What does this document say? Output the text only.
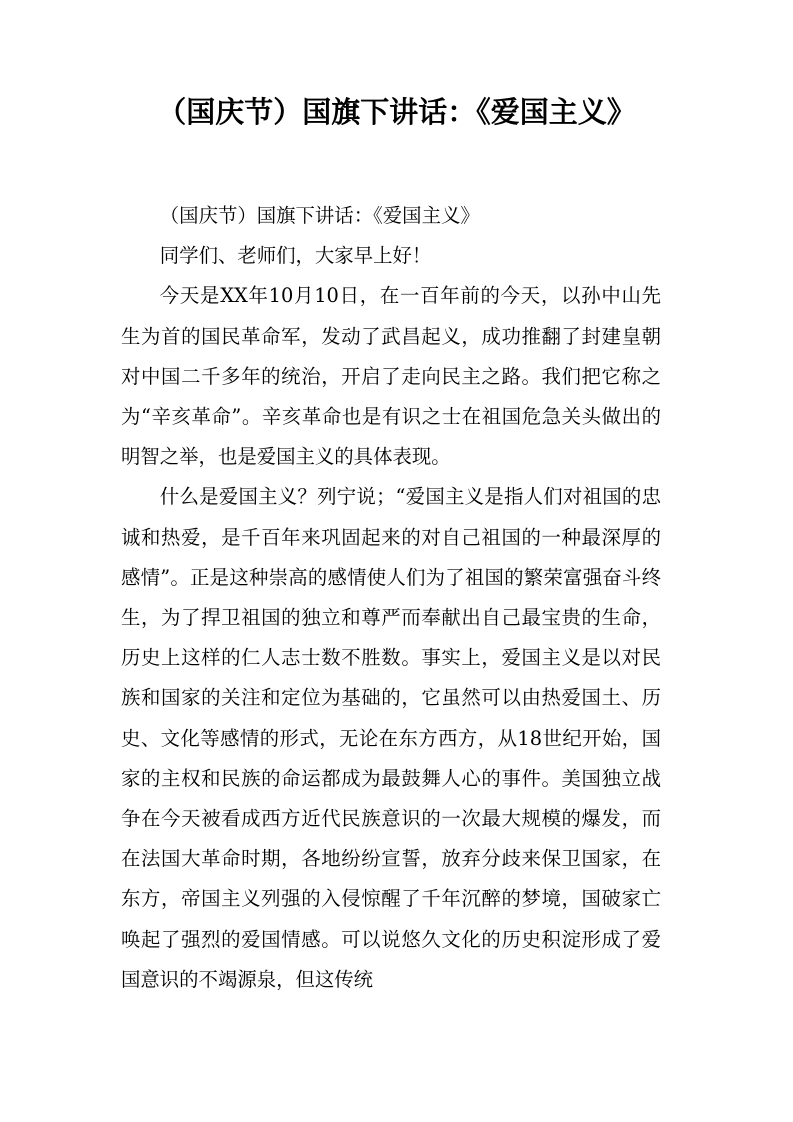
（国庆节）国旗下讲话：《爱国主义》

（国庆节）国旗下讲话：《爱国主义》

同学们、老师们，大家早上好！

今天是XX年10月10日，在一百年前的今天，以孙中山先生为首的国民革命军，发动了武昌起义，成功推翻了封建皇朝对中国二千多年的统治，开启了走向民主之路。我们把它称之为“辛亥革命”。辛亥革命也是有识之士在祖国危急关头做出的明智之举，也是爱国主义的具体表现。

什么是爱国主义？列宁说；“爱国主义是指人们对祖国的忠诚和热爱，是千百年来巩固起来的对自己祖国的一种最深厚的感情”。正是这种崇高的感情使人们为了祖国的繁荣富强奋斗终生，为了捍卫祖国的独立和尊严而奉献出自己最宝贵的生命，历史上这样的仁人志士数不胜数。事实上，爱国主义是以对民族和国家的关注和定位为基础的，它虽然可以由热爱国土、历史、文化等感情的形式，无论在东方西方，从18世纪开始，国家的主权和民族的命运都成为最鼓舞人心的事件。美国独立战争在今天被看成西方近代民族意识的一次最大规模的爆发，而在法国大革命时期，各地纷纷宣誓，放弃分歧来保卫国家，在东方，帝国主义列强的入侵惊醒了千年沉醉的梦境，国破家亡唤起了强烈的爱国情感。可以说悠久文化的历史积淀形成了爱国意识的不竭源泉，但这传统
